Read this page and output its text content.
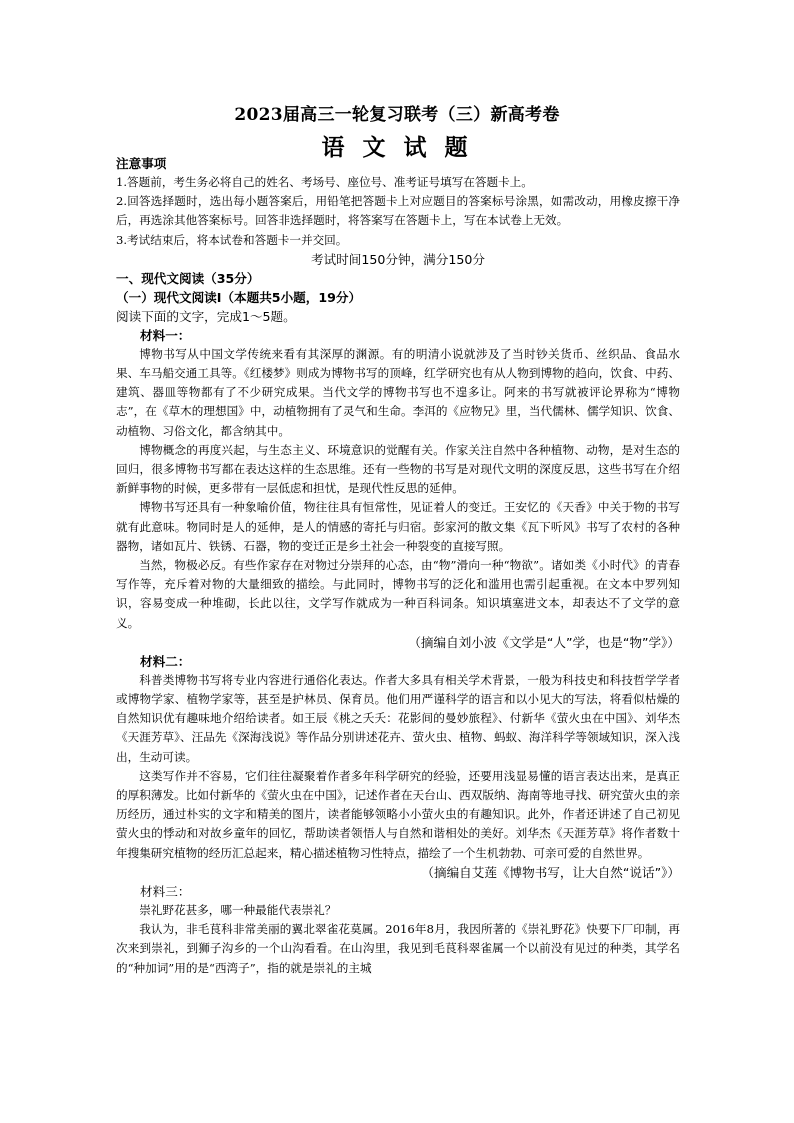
2023届高三一轮复习联考（三）新高考卷
语 文 试 题

注意事项

1.答题前，考生务必将自己的姓名、考场号、座位号、准考证号填写在答题卡上。

2.回答选择题时，选出每小题答案后，用铅笔把答题卡上对应题目的答案标号涂黑，如需改动，用橡皮擦干净后，再选涂其他答案标号。回答非选择题时，将答案写在答题卡上，写在本试卷上无效。

3.考试结束后，将本试卷和答题卡一并交回。

考试时间150分钟，满分150分

一、现代文阅读（35分）

（一）现代文阅读Ⅰ（本题共5小题，19分）

阅读下面的文字，完成1～5题。

材料一：

博物书写从中国文学传统来看有其深厚的渊源。有的明清小说就涉及了当时钞关货币、丝织品、食品水果、车马船交通工具等。《红楼梦》则成为博物书写的顶峰，红学研究也有从人物到博物的趋向，饮食、中药、建筑、器皿等物都有了不少研究成果。当代文学的博物书写也不遑多让。阿来的书写就被评论界称为“博物志”，在《草木的理想国》中，动植物拥有了灵气和生命。李洱的《应物兄》里，当代儒林、儒学知识、饮食、动植物、习俗文化，都含纳其中。

博物概念的再度兴起，与生态主义、环境意识的觉醒有关。作家关注自然中各种植物、动物，是对生态的回归，很多博物书写都在表达这样的生态思维。还有一些物的书写是对现代文明的深度反思，这些书写在介绍新鲜事物的时候，更多带有一层低虑和担忧，是现代性反思的延伸。

博物书写还具有一种象喻价值，物往往具有恒常性，见证着人的变迁。王安忆的《天香》中关于物的书写就有此意味。物同时是人的延伸，是人的情感的寄托与归宿。彭家河的散文集《瓦下听风》书写了农村的各种器物，诸如瓦片、铁锈、石器，物的变迁正是乡土社会一种裂变的直接写照。

当然，物极必反。有些作家存在对物过分崇拜的心态，由“物”滑向一种“物欲”。诸如类《小时代》的青春写作等，充斥着对物的大量细致的描绘。与此同时，博物书写的泛化和滥用也需引起重视。在文本中罗列知识，容易变成一种堆砌，长此以往，文学写作就成为一种百科词条。知识填塞进文本，却表达不了文学的意义。

（摘编自刘小波《文学是“人”学，也是“物”学》）

材料二：

科普类博物书写将专业内容进行通俗化表达。作者大多具有相关学术背景，一般为科技史和科技哲学学者或博物学家、植物学家等，甚至是护林员、保育员。他们用严谨科学的语言和以小见大的写法，将看似枯燥的自然知识优有趣味地介绍给读者。如王辰《桃之夭夭：花影间的曼妙旅程》、付新华《萤火虫在中国》、刘华杰《天涯芳草》、汪品先《深海浅说》等作品分别讲述花卉、萤火虫、植物、蚂蚁、海洋科学等领域知识，深入浅出，生动可读。

这类写作并不容易，它们往往凝聚着作者多年科学研究的经验，还要用浅显易懂的语言表达出来，是真正的厚积薄发。比如付新华的《萤火虫在中国》，记述作者在天台山、西双版纳、海南等地寻找、研究萤火虫的亲历经历，通过朴实的文字和精美的图片，读者能够领略小小萤火虫的有趣知识。此外，作者还讲述了自己初见萤火虫的悸动和对故乡童年的回忆，帮助读者领悟人与自然和谐相处的美好。刘华杰《天涯芳草》将作者数十年搜集研究植物的经历汇总起来，精心描述植物习性特点，描绘了一个生机勃勃、可亲可爱的自然世界。

（摘编自艾莲《博物书写，让大自然“说话”》）

材料三：

崇礼野花甚多，哪一种最能代表崇礼？

我认为，非毛茛科非常美丽的翼北翠雀花莫属。2016年8月，我因所著的《崇礼野花》快要下厂印制，再次来到崇礼，到狮子沟乡的一个山沟看看。在山沟里，我见到毛茛科翠雀属一个以前没有见过的种类，其学名的“种加词”用的是“西湾子”，指的就是崇礼的主城
